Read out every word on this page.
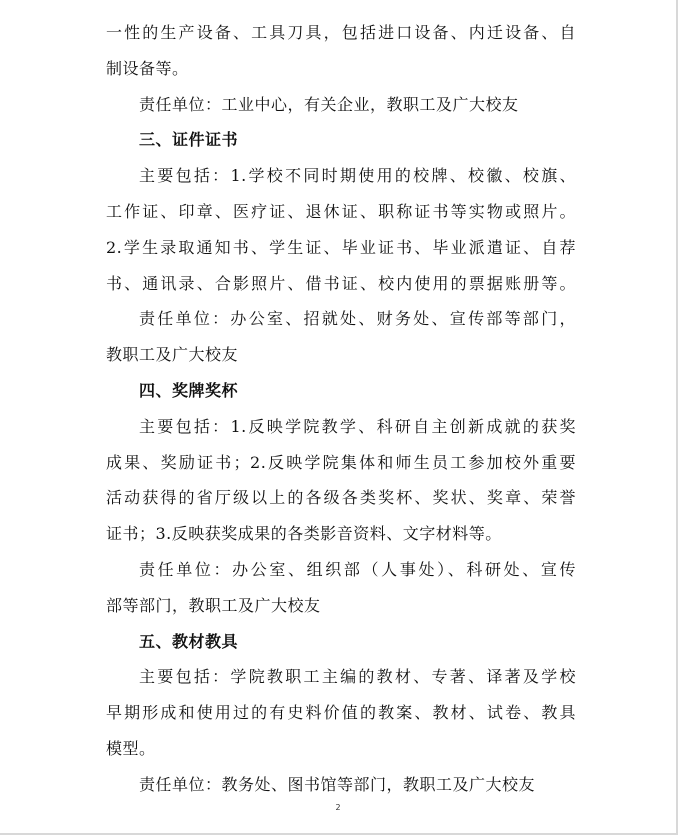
一性的生产设备、工具刀具，包括进口设备、内迁设备、自
制设备等。
责任单位：工业中心，有关企业，教职工及广大校友
三、证件证书
主要包括：1.学校不同时期使用的校牌、校徽、校旗、
工作证、印章、医疗证、退休证、职称证书等实物或照片。
2.学生录取通知书、学生证、毕业证书、毕业派遣证、自荐
书、通讯录、合影照片、借书证、校内使用的票据账册等。
责任单位：办公室、招就处、财务处、宣传部等部门，
教职工及广大校友
四、奖牌奖杯
主要包括：1.反映学院教学、科研自主创新成就的获奖
成果、奖励证书；2.反映学院集体和师生员工参加校外重要
活动获得的省厅级以上的各级各类奖杯、奖状、奖章、荣誉
证书；3.反映获奖成果的各类影音资料、文字材料等。
责任单位：办公室、组织部（人事处）、科研处、宣传
部等部门，教职工及广大校友
五、教材教具
主要包括：学院教职工主编的教材、专著、译著及学校
早期形成和使用过的有史料价值的教案、教材、试卷、教具
模型。
责任单位：教务处、图书馆等部门，教职工及广大校友
2
